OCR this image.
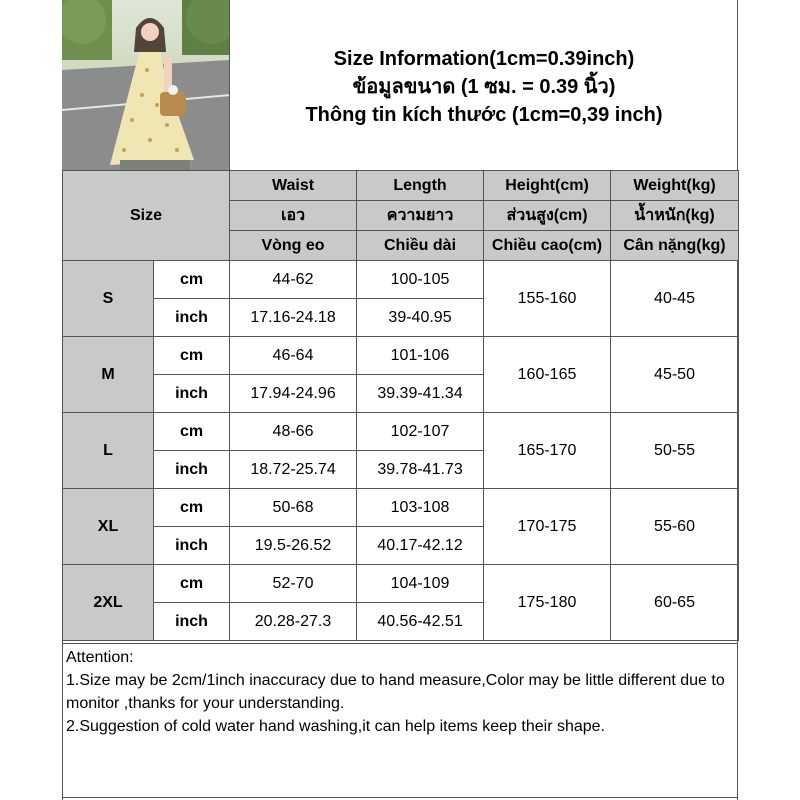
Size Information(1cm=0.39inch)
ข้อมูลขนาด (1 ซม. = 0.39 นิ้ว)
Thông tin kích thước (1cm=0,39 inch)
Size		Waist	Length	Height(cm)	Weight(kg)
		เอว	ความยาว	ส่วนสูง(cm)	น้ำหนัก(kg)
		Vòng eo	Chiều dài	Chiều cao(cm)	Cân nặng(kg)
S	cm	44-62	100-105	155-160	40-45
	inch	17.16-24.18	39-40.95		
M	cm	46-64	101-106	160-165	45-50
	inch	17.94-24.96	39.39-41.34		
L	cm	48-66	102-107	165-170	50-55
	inch	18.72-25.74	39.78-41.73		
XL	cm	50-68	103-108	170-175	55-60
	inch	19.5-26.52	40.17-42.12		
2XL	cm	52-70	104-109	175-180	60-65
	inch	20.28-27.3	40.56-42.51		
Attention:
1.Size may be 2cm/1inch inaccuracy due to hand measure,Color may be little different due to monitor ,thanks for your understanding.
2.Suggestion of cold water hand washing,it can help items keep their shape.
